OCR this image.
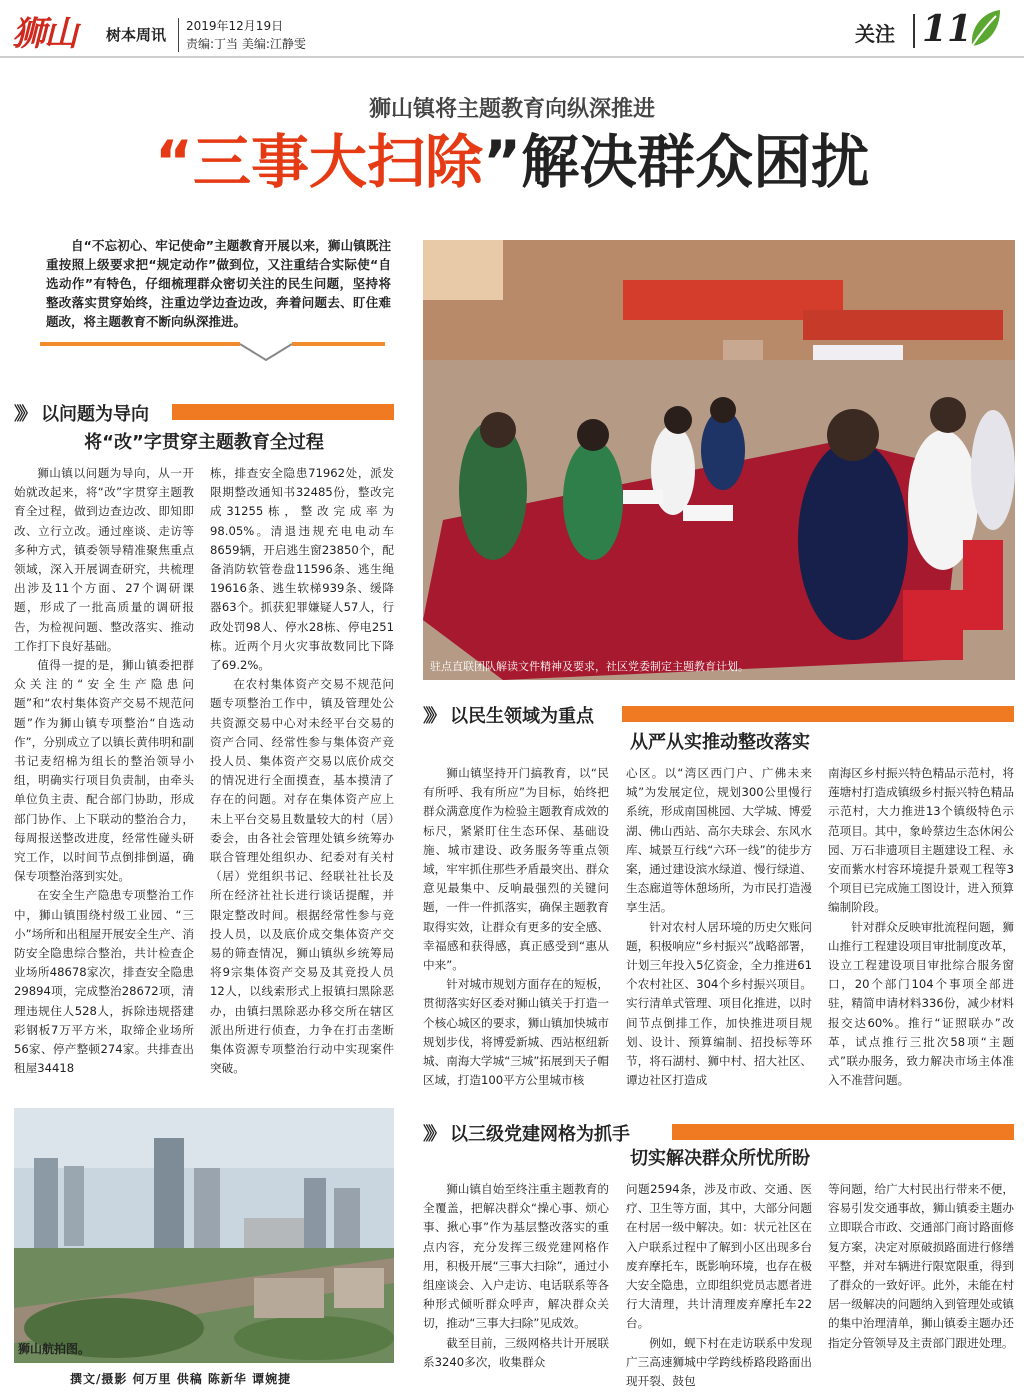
狮山	树本周讯 2019年12月19日
责编:丁当 美编:江静雯	关注 11
狮山镇将主题教育向纵深推进
“三事大扫除”解决群众困扰
自“不忘初心、牢记使命”主题教育开展以来，狮山镇既注重按照上级要求把“规定动作”做到位，又注重结合实际使“自选动作”有特色，仔细梳理群众密切关注的民生问题，坚持将整改落实贯穿始终，注重边学边查边改，奔着问题去、盯住难题改，将主题教育不断向纵深推进。
驻点直联团队解读文件精神及要求，社区党委制定主题教育计划。
》》 以问题为导向
将“改”字贯穿主题教育全过程

狮山镇以问题为导向，从一开始就改起来，将“改”字贯穿主题教育全过程，做到边查边改、即知即改、立行立改。通过座谈、走访等多种方式，镇委领导精准聚焦重点领域，深入开展调查研究，共梳理出涉及11个方面、27个调研课题，形成了一批高质量的调研报告，为检视问题、整改落实、推动工作打下良好基础。

值得一提的是，狮山镇委把群众关注的“安全生产隐患问题”和“农村集体资产交易不规范问题”作为狮山镇专项整治“自选动作”，分别成立了以镇长黄伟明和副书记麦绍棉为组长的整治领导小组，明确实行项目负责制，由牵头单位负主责、配合部门协助，形成部门协作、上下联动的整治合力，每周报送整改进度，经常性碰头研究工作，以时间节点倒排倒逼，确保专项整治落到实处。

在安全生产隐患专项整治工作中，狮山镇围绕村级工业园、“三小”场所和出租屋开展安全生产、消防安全隐患综合整治，共计检查企业场所48678家次，排查安全隐患29894项，完成整治28672项，清理违规住人528人，拆除违规搭建彩钢板7万平方米，取缔企业场所56家、停产整顿274家。共排查出租屋34418

栋，排查安全隐患71962处，派发限期整改通知书32485份，整改完成31255栋，整改完成率为98.05%。清退违规充电电动车8659辆，开启逃生窗23850个，配备消防软管卷盘11596条、逃生绳19616条、逃生软梯939条、缓降器63个。抓获犯罪嫌疑人57人，行政处罚98人、停水28栋、停电251栋。近两个月火灾事故数同比下降了69.2%。

在农村集体资产交易不规范问题专项整治工作中，镇及管理处公共资源交易中心对未经平台交易的资产合同、经常性参与集体资产竞投人员、集体资产交易以底价成交的情况进行全面摸查，基本摸清了存在的问题。对存在集体资产应上未上平台交易且数量较大的村（居）委会，由各社会管理处镇乡统筹办联合管理处组织办、纪委对有关村（居）党组织书记、经联社社长及所在经济社社长进行谈话提醒，并限定整改时间。根据经常性参与竞投人员，以及底价成交集体资产交易的筛查情况，狮山镇纵乡统筹局将9宗集体资产交易及其竞投人员12人，以线索形式上报镇扫黑除恶办，由镇扫黑除恶办移交所在辖区派出所进行侦查，力争在打击垄断集体资源专项整治行动中实现案件突破。

》》 以民生领域为重点
从严从实推动整改落实

狮山镇坚持开门搞教育，以“民有所呼、我有所应”为目标，始终把群众满意度作为检验主题教育成效的标尺，紧紧盯住生态环保、基础设施、城市建设、政务服务等重点领域，牢牢抓住那些矛盾最突出、群众意见最集中、反响最强烈的关键问题，一件一件抓落实，确保主题教育取得实效，让群众有更多的安全感、幸福感和获得感，真正感受到“惠从中来”。

针对城市规划方面存在的短板，贯彻落实好区委对狮山镇关于打造一个核心城区的要求，狮山镇加快城市规划步伐，将博爱新城、西站枢纽新城、南海大学城“三城”拓展到天子帽区域，打造100平方公里城市核

心区。以“湾区西门户、广佛未来城”为发展定位，规划300公里慢行系统，形成南国桃园、大学城、博爱湖、佛山西站、高尔夫球会、东风水库、城景互行线“六环一线”的徒步方案，通过建设滨水绿道、慢行绿道、生态廊道等休憩场所，为市民打造漫享生活。

针对农村人居环境的历史欠账问题，积极响应“乡村振兴”战略部署，计划三年投入5亿资金，全力推进61个农村社区、304个乡村振兴项目。实行清单式管理、项目化推进，以时间节点倒排工作，加快推进项目规划、设计、预算编制、招投标等环节，将石湖村、狮中村、招大社区、谭边社区打造成

南海区乡村振兴特色精品示范村，将莲塘村打造成镇级乡村振兴特色精品示范村，大力推进13个镇级特色示范项目。其中，象岭蔡边生态休闲公园、万石非遗项目主题建设工程、永安而紫水村容环境提升景观工程等3个项目已完成施工图设计，进入预算编制阶段。

针对群众反映审批流程问题，狮山推行工程建设项目审批制度改革，设立工程建设项目审批综合服务窗口，20个部门104个事项全部进驻，精简申请材料336份，减少材料报交达60%。推行“证照联办”改革，试点推行三批次58项“主题式”联办服务，致力解决市场主体准入不准营问题。

狮山航拍图。
》》 以三级党建网格为抓手
切实解决群众所忧所盼

狮山镇自始至终注重主题教育的全覆盖，把解决群众“操心事、烦心事、揪心事”作为基层整改落实的重点内容，充分发挥三级党建网格作用，积极开展“三事大扫除”，通过小组座谈会、入户走访、电话联系等各种形式倾听群众呼声，解决群众关切，推动“三事大扫除”见成效。

截至目前，三级网格共计开展联系3240多次，收集群众

问题2594条，涉及市政、交通、医疗、卫生等方面，其中，大部分问题在村居一级中解决。如：状元社区在入户联系过程中了解到小区出现多台废弃摩托车，既影响环境，也存在极大安全隐患，立即组织党员志愿者进行大清理，共计清理废弃摩托车22台。

例如，蚬下村在走访联系中发现广三高速狮城中学跨线桥路段路面出现开裂、鼓包

等问题，给广大村民出行带来不便，容易引发交通事故，狮山镇委主题办立即联合市政、交通部门商讨路面修复方案，决定对原破损路面进行修缮平整，并对车辆进行限宽限重，得到了群众的一致好评。此外，未能在村居一级解决的问题纳入到管理处或镇的集中治理清单，狮山镇委主题办还指定分管领导及主责部门跟进处理。

撰文/摄影 何万里 供稿 陈新华 谭婉捷
